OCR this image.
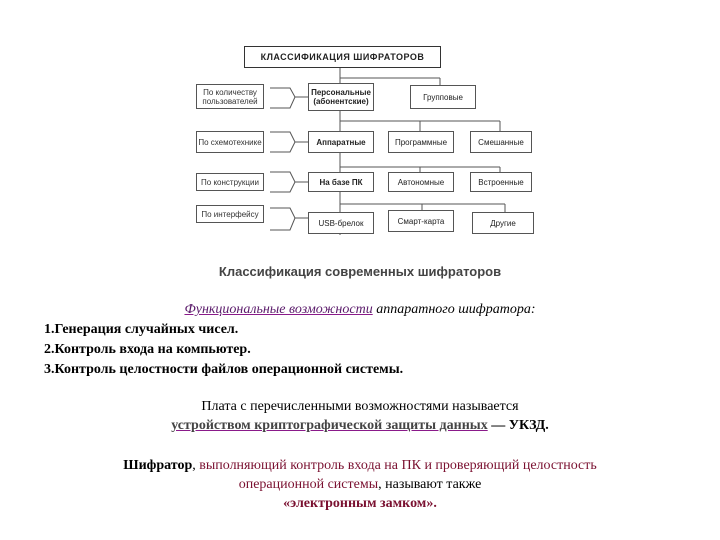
КЛАССИФИКАЦИЯ ШИФРАТОРОВ
По количеству пользователей
По схемотехнике
По конструкции
По интерфейсу
Персональные (абонентские)	Групповые
Аппаратные	Программные	Смешанные
На базе ПК	Автономные	Встроенные
USB-брелок	Смарт-карта	Другие
Классификация современных шифраторов
Функциональные возможности аппаратного шифратора:
1.Генерация случайных чисел.
2.Контроль входа на компьютер.
3.Контроль целостности файлов операционной системы.
Плата с перечисленными возможностями называется
устройством криптографической защиты данных — УКЗД.
Шифратор, выполняющий контроль входа на ПК и проверяющий целостность
операционной системы, называют также
«электронным замком».
